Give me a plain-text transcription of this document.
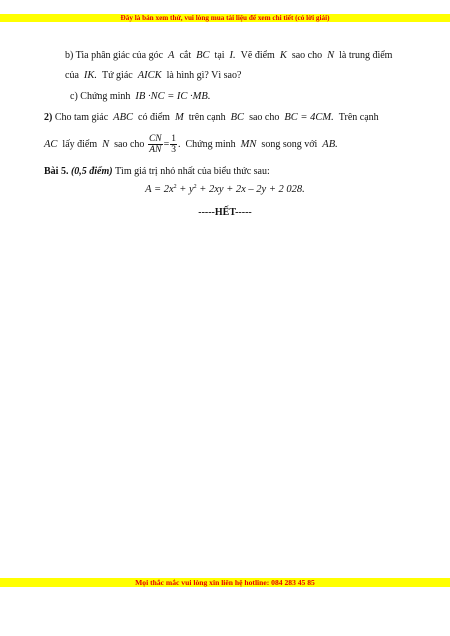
Đây là bản xem thử, vui lòng mua tài liệu để xem chi tiết (có lời giải)
b) Tia phân giác của góc A cắt BC tại I. Vẽ điểm K sao cho N là trung điểm
của IK. Tứ giác AICK là hình gì? Vì sao?
c) Chứng minh IB ·NC = IC ·MB.
2) Cho tam giác ABC có điểm M trên cạnh BC sao cho BC = 4CM. Trên cạnh
AC lấy điểm N sao cho $\frac{CN}{AN} = \frac{1}{3}$ . Chứng minh MN song song với AB.
Bài 5. (0,5 điểm) Tìm giá trị nhỏ nhất của biểu thức sau:
$A = 2x^2 + y^2 + 2xy + 2x - 2y + 2$ 028.
-----HẾT-----
Mọi thắc mắc vui lòng xin liên hệ hotline: 084 283 45 85
